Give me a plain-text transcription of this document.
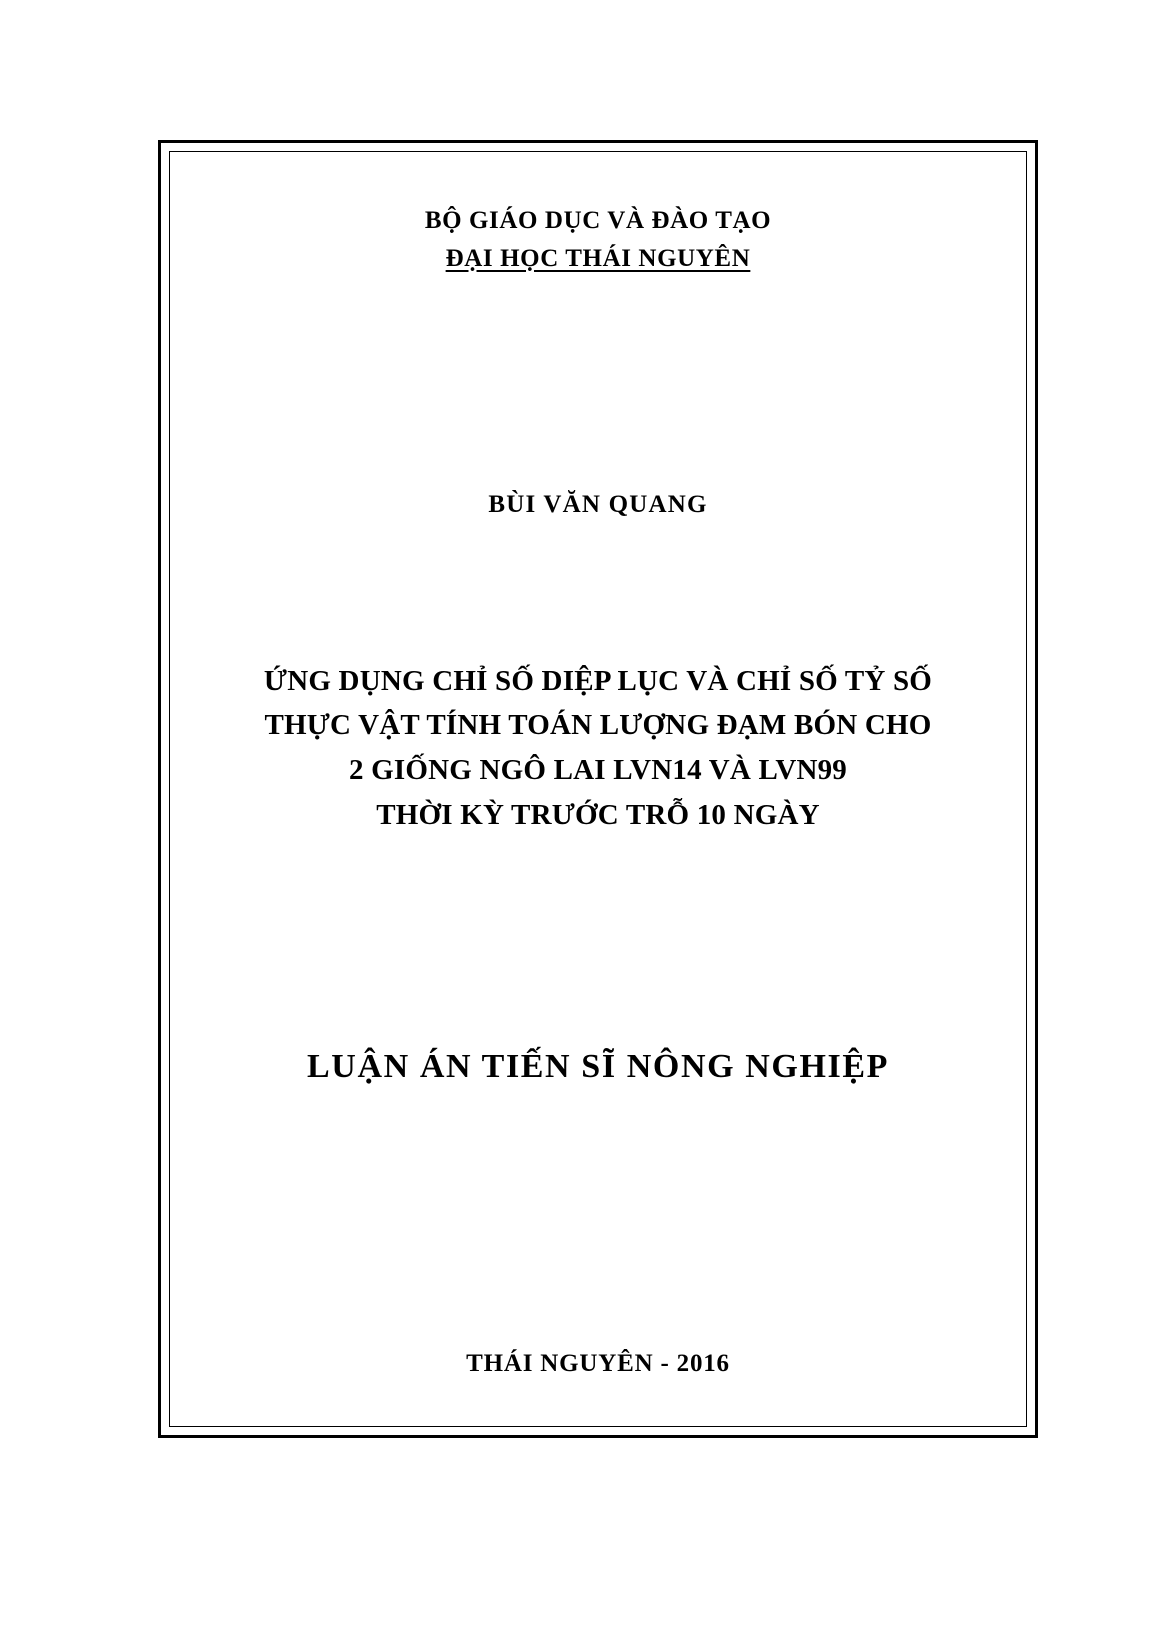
BỘ GIÁO DỤC VÀ ĐÀO TẠO
ĐẠI HỌC THÁI NGUYÊN
BÙI VĂN QUANG
ỨNG DỤNG CHỈ SỐ DIỆP LỤC VÀ CHỈ SỐ TỶ SỐ
THỰC VẬT TÍNH TOÁN LƯỢNG ĐẠM BÓN CHO
2 GIỐNG NGÔ LAI LVN14 VÀ LVN99
THỜI KỲ TRƯỚC TRỖ 10 NGÀY
LUẬN ÁN TIẾN SĨ NÔNG NGHIỆP
THÁI NGUYÊN - 2016
